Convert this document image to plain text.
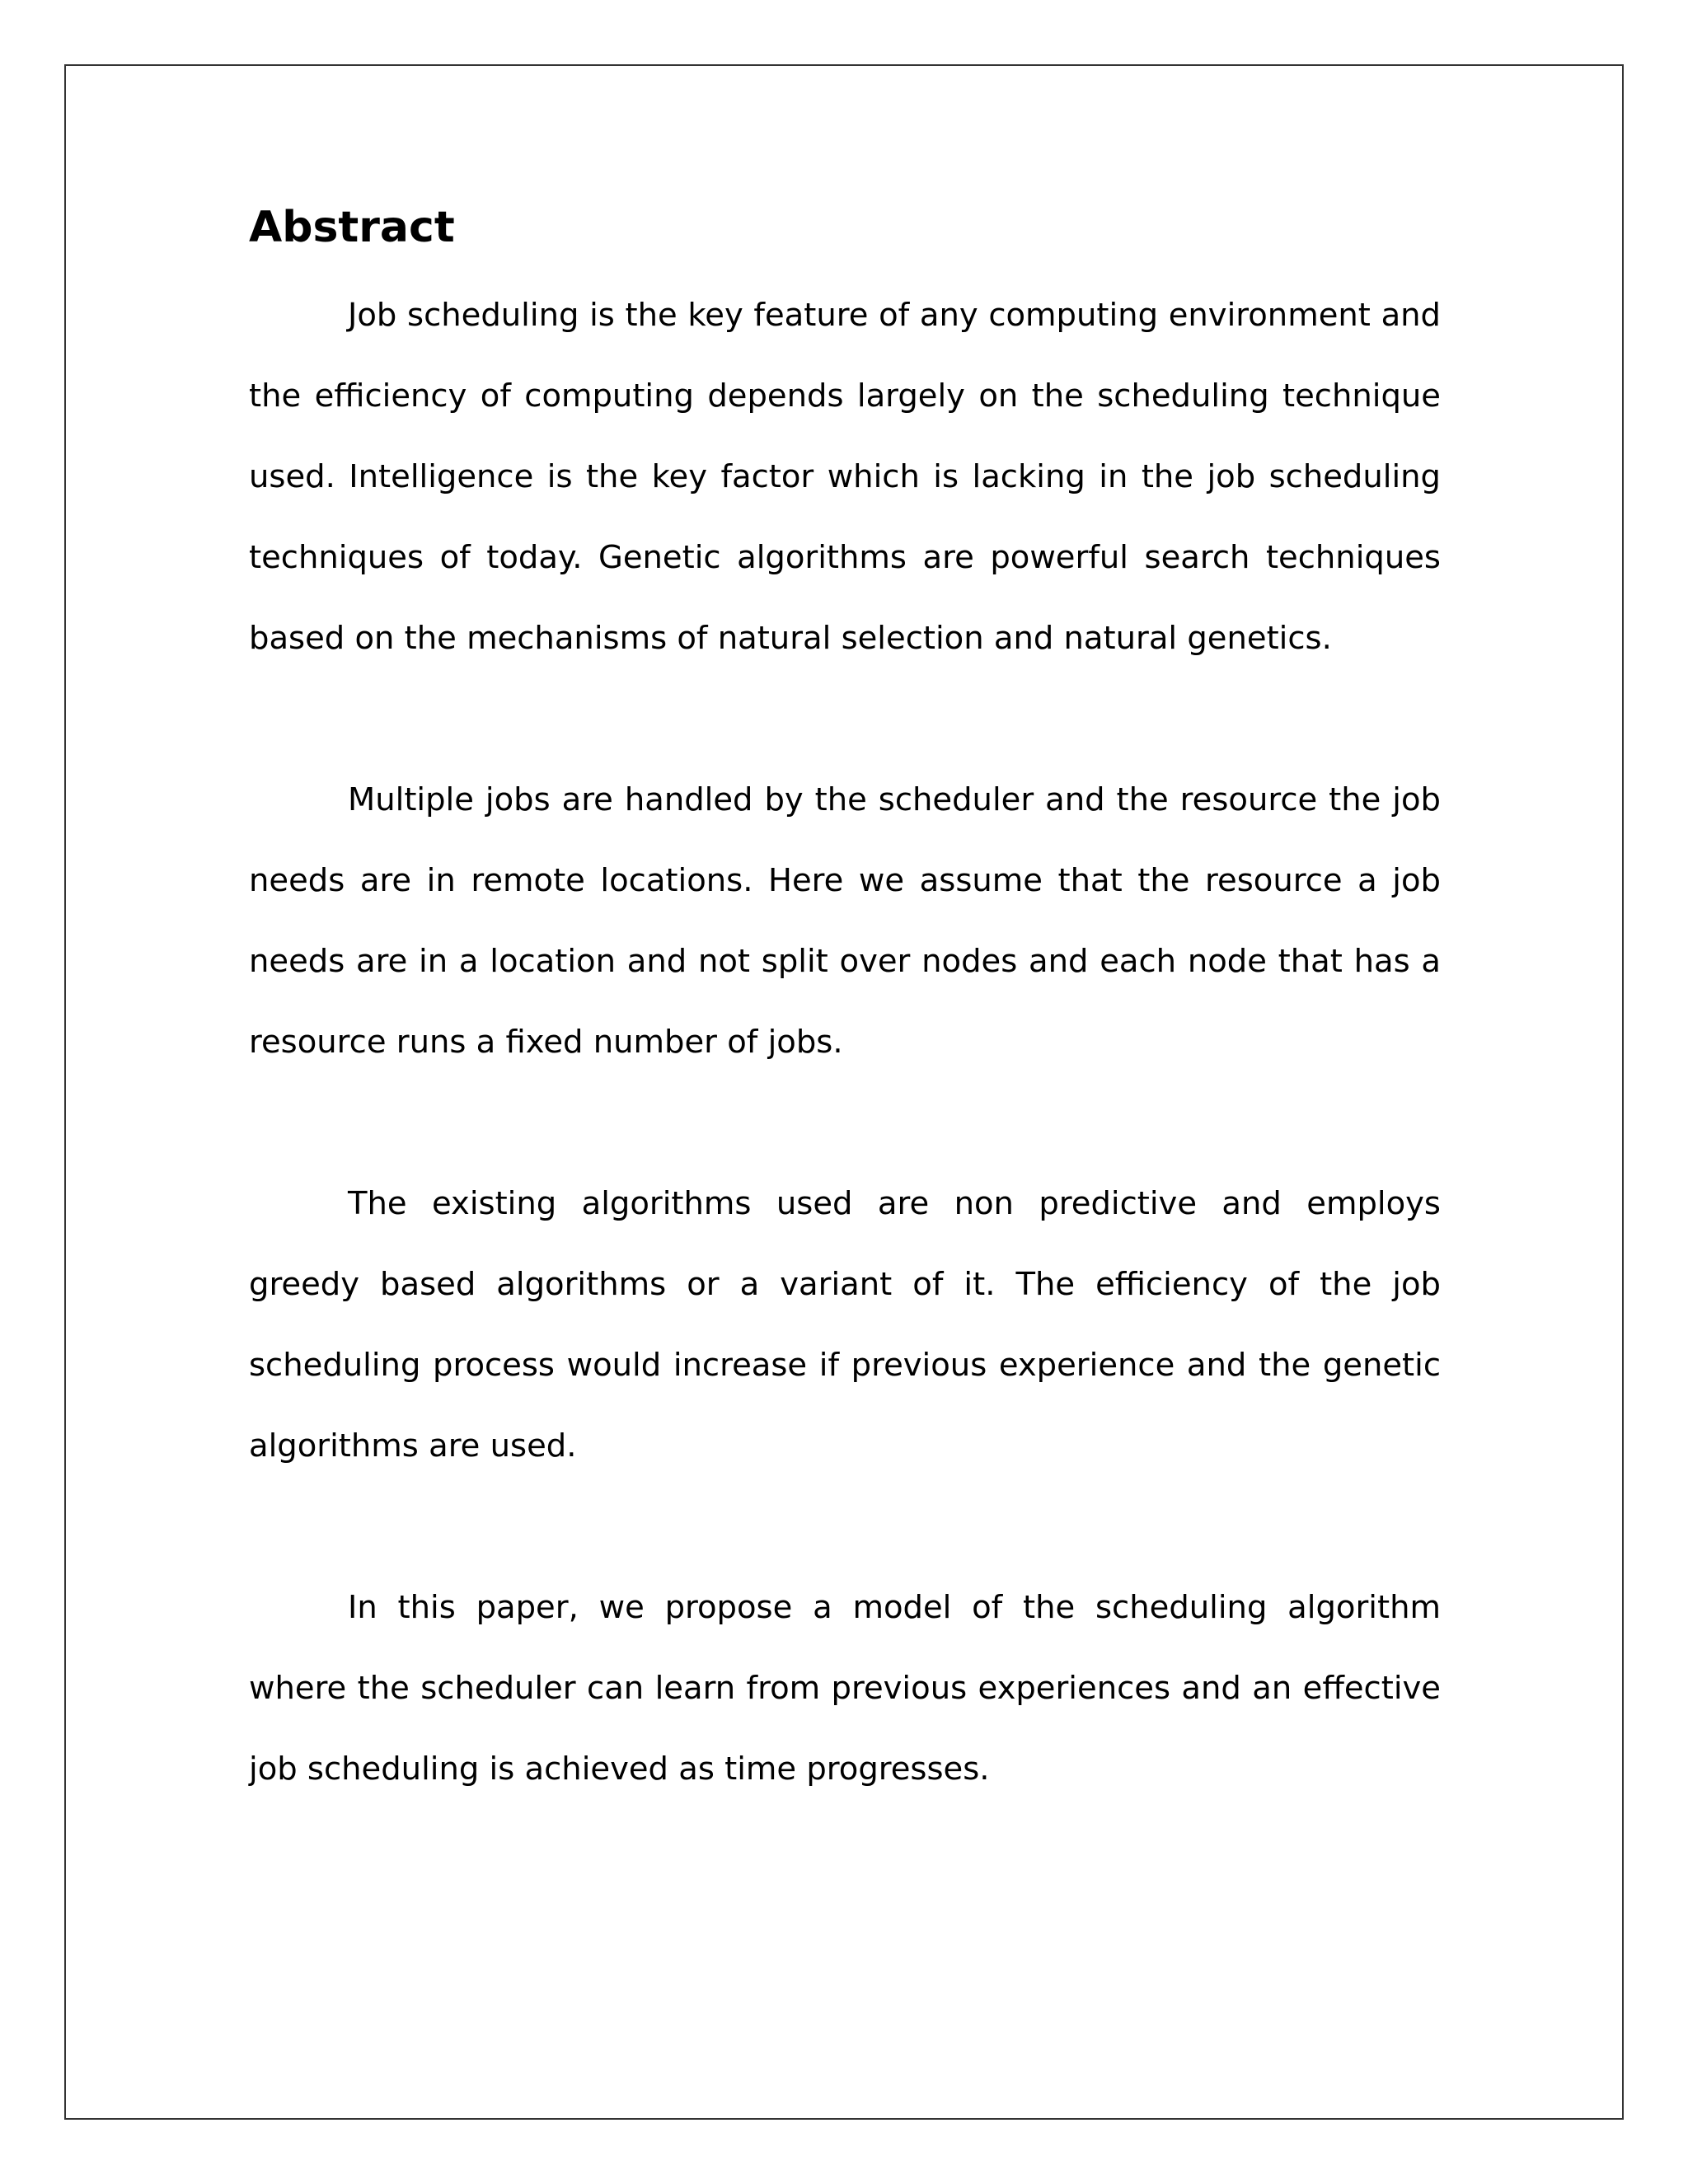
Abstract

Job scheduling is the key feature of any computing environment and the efficiency of computing depends largely on the scheduling technique used. Intelligence is the key factor which is lacking in the job scheduling techniques of today. Genetic algorithms are powerful search techniques based on the mechanisms of natural selection and natural genetics.

Multiple jobs are handled by the scheduler and the resource the job needs are in remote locations. Here we assume that the resource a job needs are in a location and not split over nodes and each node that has a resource runs a fixed number of jobs.

The existing algorithms used are non predictive and employs greedy based algorithms or a variant of it. The efficiency of the job scheduling process would increase if previous experience and the genetic algorithms are used.

In this paper, we propose a model of the scheduling algorithm where the scheduler can learn from previous experiences and an effective job scheduling is achieved as time progresses.
